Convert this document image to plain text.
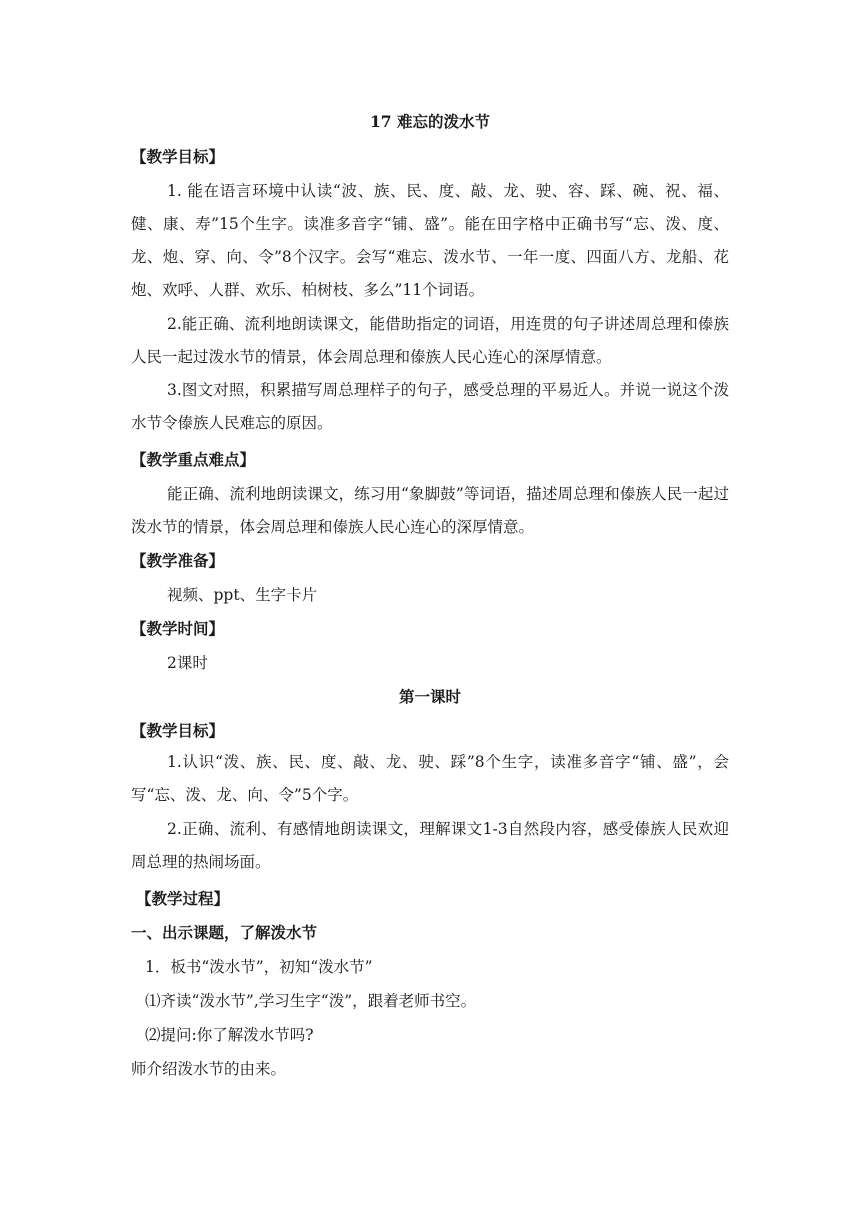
17 难忘的泼水节
【教学目标】
1. 能在语言环境中认读“波、族、民、度、敲、龙、驶、容、踩、碗、祝、福、健、康、寿”15个生字。读准多音字“铺、盛”。能在田字格中正确书写“忘、泼、度、龙、炮、穿、向、令”8个汉字。会写“难忘、泼水节、一年一度、四面八方、龙船、花炮、欢呼、人群、欢乐、柏树枝、多么”11个词语。
2.能正确、流利地朗读课文，能借助指定的词语，用连贯的句子讲述周总理和傣族人民一起过泼水节的情景，体会周总理和傣族人民心连心的深厚情意。
3.图文对照，积累描写周总理样子的句子，感受总理的平易近人。并说一说这个泼水节令傣族人民难忘的原因。
【教学重点难点】
能正确、流利地朗读课文，练习用“象脚鼓”等词语，描述周总理和傣族人民一起过泼水节的情景，体会周总理和傣族人民心连心的深厚情意。
【教学准备】
视频、ppt、生字卡片
【教学时间】
2课时
第一课时
【教学目标】
1.认识“泼、族、民、度、敲、龙、驶、踩”8个生字，读准多音字“铺、盛”，会写“忘、泼、龙、向、令”5个字。
2.正确、流利、有感情地朗读课文，理解课文1-3自然段内容，感受傣族人民欢迎周总理的热闹场面。
【教学过程】
一、出示课题，了解泼水节
1．板书“泼水节”，初知“泼水节”
⑴齐读“泼水节”,学习生字“泼”，跟着老师书空。
⑵提问:你了解泼水节吗?
师介绍泼水节的由来。
